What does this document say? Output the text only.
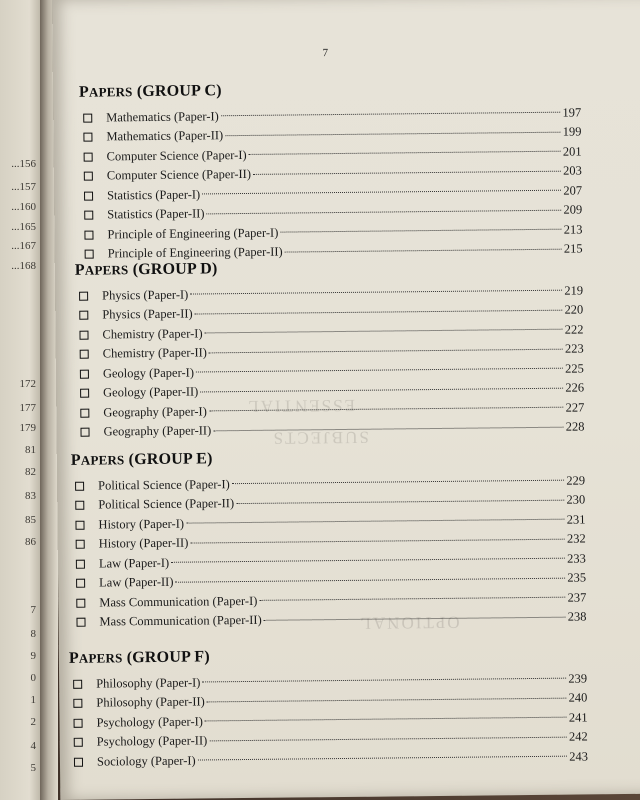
...156
...157
...160
...165
...167
...168
172
177
179
81
82
83
85
86
7
8
9
0
1
2
4
5
7
ESSENTIAL
SUBJECTS
OPTIONAL
PAPERS (GROUP C)
Mathematics (Paper-I)	197
Mathematics (Paper-II)	199
Computer Science (Paper-I)	201
Computer Science (Paper-II)	203
Statistics (Paper-I)	207
Statistics (Paper-II)	209
Principle of Engineering (Paper-I)	213
Principle of Engineering (Paper-II)	215
PAPERS (GROUP D)
Physics (Paper-I)	219
Physics (Paper-II)	220
Chemistry (Paper-I)	222
Chemistry (Paper-II)	223
Geology (Paper-I)	225
Geology (Paper-II)	226
Geography (Paper-I)	227
Geography (Paper-II)	228
PAPERS (GROUP E)
Political Science (Paper-I)	229
Political Science (Paper-II)	230
History (Paper-I)	231
History (Paper-II)	232
Law (Paper-I)	233
Law (Paper-II)	235
Mass Communication (Paper-I)	237
Mass Communication (Paper-II)	238
PAPERS (GROUP F)
Philosophy (Paper-I)	239
Philosophy (Paper-II)	240
Psychology (Paper-I)	241
Psychology (Paper-II)	242
Sociology (Paper-I)	243
